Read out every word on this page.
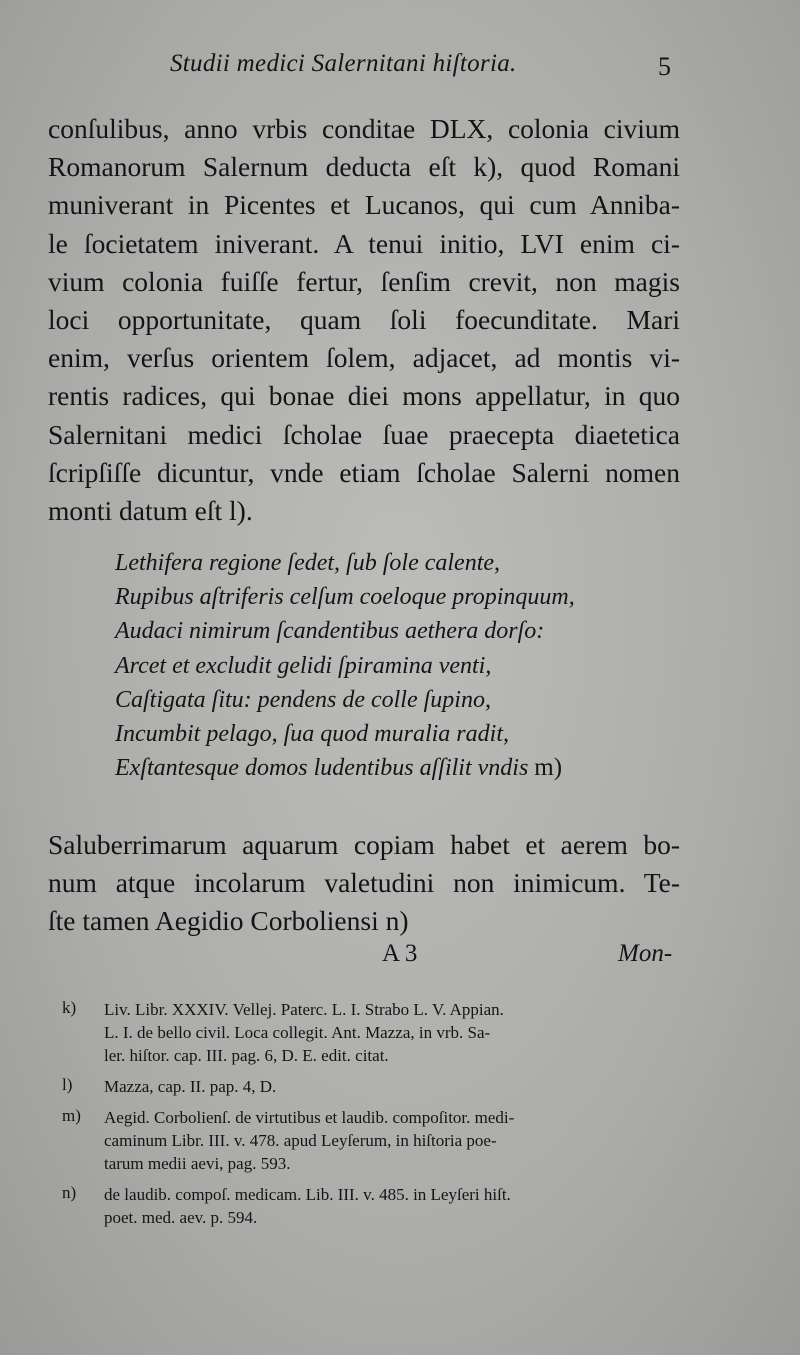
Studii medici Salernitani hiſtoria.	5
conſulibus, anno vrbis conditae DLX, colonia civium
Romanorum Salernum deducta eſt k), quod Romani
muniverant in Picentes et Lucanos, qui cum Anniba-
le ſocietatem iniverant. A tenui initio, LVI enim ci-
vium colonia fuiſſe fertur, ſenſim crevit, non magis
loci opportunitate, quam ſoli foecunditate. Mari
enim, verſus orientem ſolem, adjacet, ad montis vi-
rentis radices, qui bonae diei mons appellatur, in quo
Salernitani medici ſcholae ſuae praecepta diaetetica
ſcripſiſſe dicuntur, vnde etiam ſcholae Salerni nomen
monti datum eſt l).
Lethifera regione ſedet, ſub ſole calente,
Rupibus aſtriferis celſum coeloque propinquum,
Audaci nimirum ſcandentibus aethera dorſo:
Arcet et excludit gelidi ſpiramina venti,
Caſtigata ſitu: pendens de colle ſupino,
Incumbit pelago, ſua quod muralia radit,
Exſtantesque domos ludentibus aſſilit vndis m)
Saluberrimarum aquarum copiam habet et aerem bo-
num atque incolarum valetudini non inimicum. Te-
ſte tamen Aegidio Corboliensi n)
A 3	Mon-
k)	Liv. Libr. XXXIV. Vellej. Paterc. L. I. Strabo L. V. Appian.
L. I. de bello civil. Loca collegit. Ant. Mazza, in vrb. Sa-
ler. hiſtor. cap. III. pag. 6, D. E. edit. citat.
l)	Mazza, cap. II. pap. 4, D.
m)	Aegid. Corbolienſ. de virtutibus et laudib. compoſitor. medi-
caminum Libr. III. v. 478. apud Leyſerum, in hiſtoria poe-
tarum medii aevi, pag. 593.
n)	de laudib. compoſ. medicam. Lib. III. v. 485. in Leyſeri hiſt.
poet. med. aev. p. 594.
